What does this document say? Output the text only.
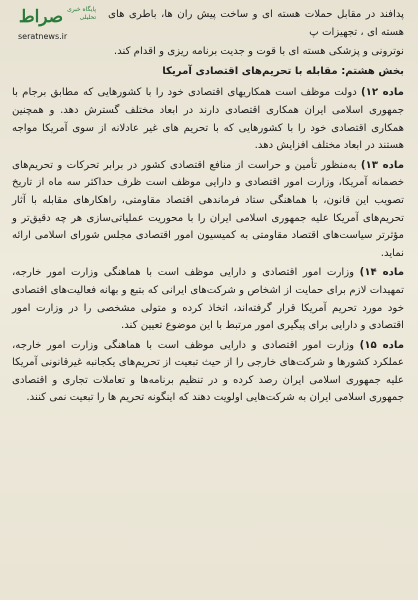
صراط پایگاه خبری تحلیلی
seratnews.ir

پدافند در مقابل حملات هسته ای و ساخت پیش ران ها، باطری های هسته ای ، تجهیزات پ

نوترونی و پزشکی هسته ای با قوت و جدیت برنامه ریزی و اقدام کند.

بخش هشتم: مقابله با تحریم‌های اقتصادی آمریکا

ماده ۱۲) دولت موظف است همکاریهای اقتصادی خود را با کشورهایی که مطابق برجام با جمهوری اسلامی ایران همکاری اقتصادی دارند در ابعاد مختلف گسترش دهد. و همچنین همکاری اقتصادی خود را با کشورهایی که با تحریم های غیر عادلانه از سوی آمریکا مواجه هستند در ابعاد مختلف افزایش دهد.

ماده ۱۳) به‌منظور تأمین و حراست از منافع اقتصادی کشور در برابر تحرکات و تحریم‌های خصمانه آمریکا، وزارت امور اقتصادی و دارایی موظف است ظرف حداکثر سه ماه از تاریخ تصویب این قانون، با هماهنگی ستاد فرماندهی اقتصاد مقاومتی، راهکارهای مقابله با آثار تحریم‌های آمریکا علیه جمهوری اسلامی ایران را با محوریت عملیاتی‌سازی هر چه دقیق‌تر و مؤثرتر سیاست‌های اقتصاد مقاومتی به کمیسیون امور اقتصادی مجلس شورای اسلامی ارائه نماید.

ماده ۱۴) وزارت امور اقتصادی و دارایی موظف است با هماهنگی وزارت امور خارجه، تمهیدات لازم برای حمایت از اشخاص و شرکت‌های ایرانی که بتبع و بهانه فعالیت‌های اقتصادی خود مورد تحریم آمریکا قرار گرفته‌اند، اتخاذ کرده و متولی مشخصی را در وزارت امور اقتصادی و دارایی برای پیگیری امور مرتبط با این موضوع تعیین کند.

ماده ۱۵) وزارت امور اقتصادی و دارایی موظف است با هماهنگی وزارت امور خارجه، عملکرد کشورها و شرکت‌های خارجی را از حیث تبعیت از تحریم‌های یکجانبه غیرقانونی آمریکا علیه جمهوری اسلامی ایران رصد کرده و در تنظیم برنامه‌ها و تعاملات تجاری و اقتصادی جمهوری اسلامی ایران به شرکت‌هایی اولویت دهند که اینگونه تحریم ها را تبعیت نمی کنند.
